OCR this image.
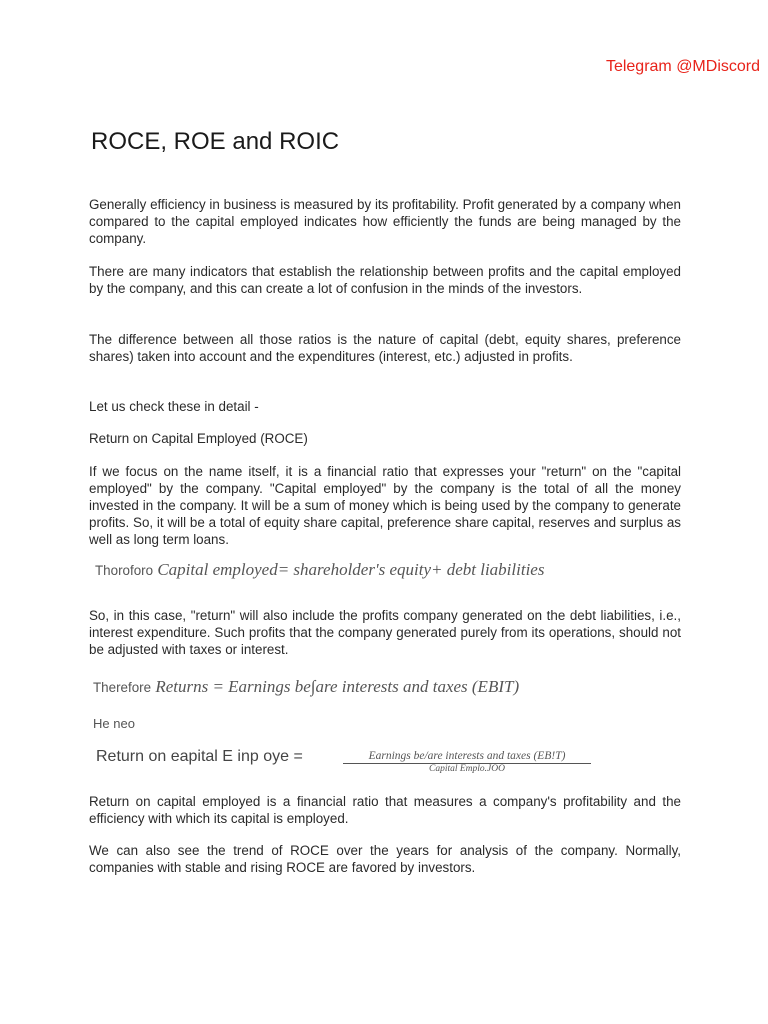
Telegram @MDiscord
ROCE, ROE and ROIC

Generally efficiency in business is measured by its profitability. Profit generated by a company when compared to the capital employed indicates how efficiently the funds are being managed by the company.

There are many indicators that establish the relationship between profits and the capital employed by the company, and this can create a lot of confusion in the minds of the investors.

The difference between all those ratios is the nature of capital (debt, equity shares, preference shares) taken into account and the expenditures (interest, etc.) adjusted in profits.

Let us check these in detail -

Return on Capital Employed (ROCE)

If we focus on the name itself, it is a financial ratio that expresses your "return" on the "capital employed" by the company. "Capital employed" by the company is the total of all the money invested in the company. It will be a sum of money which is being used by the company to generate profits. So, it will be a total of equity share capital, preference share capital, reserves and surplus as well as long term loans.

Thoroforo Capital employed= shareholder's equity+ debt liabilities

So, in this case, "return" will also include the profits company generated on the debt liabilities, i.e., interest expenditure. Such profits that the company generated purely from its operations, should not be adjusted with taxes or interest.

Therefore Returns = Earnings be∫are interests and taxes (EBIT)
He neo
Return on eapital E inp oye =	Earnings be/are interests and taxes (EB!T)
Capital Emplo.JOO

Return on capital employed is a financial ratio that measures a company's profitability and the efficiency with which its capital is employed.

We can also see the trend of ROCE over the years for analysis of the company. Normally, companies with stable and rising ROCE are favored by investors.
